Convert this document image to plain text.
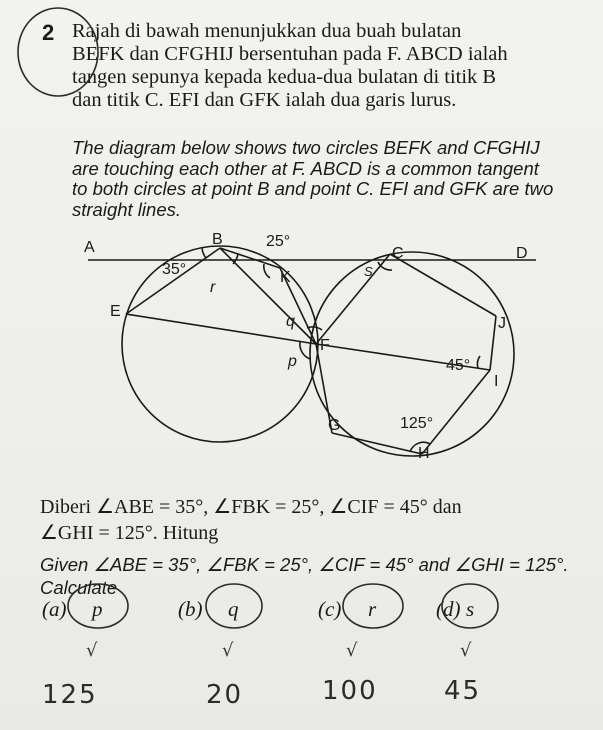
2 Rajah di bawah menunjukkan dua buah bulatan
BEFK dan CFGHIJ bersentuhan pada F. ABCD ialah
tangen sepunya kepada kedua-dua bulatan di titik B
dan titik C. EFI dan GFK ialah dua garis lurus.
The diagram below shows two circles BEFK and CFGHIJ
are touching each other at F. ABCD is a common tangent
to both circles at point B and point C. EFI and GFK are two
straight lines.
A	B	25°
C	D
35°	K	S
r
E
q	J
F
p	45°
I
G	125°
H
Diberi ∠ABE = 35°, ∠FBK = 25°, ∠CIF = 45° dan
∠GHI = 125°. Hitung
Given ∠ABE = 35°, ∠FBK = 25°, ∠CIF = 45° and ∠GHI = 125°.
Calculate
(a) p	(b) q	(c) r	(d) s
√	√	√	√
125	20	100	45
